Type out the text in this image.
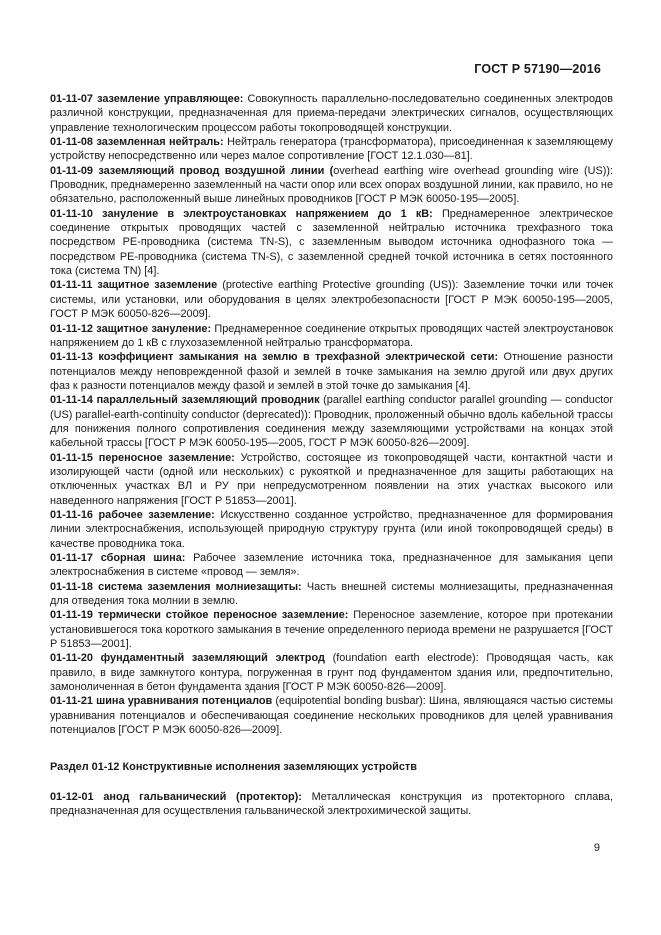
ГОСТ Р 57190—2016

01-11-07 заземление управляющее: Совокупность параллельно-последовательно соединенных электродов различной конструкции, предназначенная для приема-передачи электрических сигналов, осуществляющих управление технологическим процессом работы токопроводящей конструкции.

01-11-08 заземленная нейтраль: Нейтраль генератора (трансформатора), присоединенная к заземляющему устройству непосредственно или через малое сопротивление [ГОСТ 12.1.030—81].

01-11-09 заземляющий провод воздушной линии (overhead earthing wire overhead grounding wire (US)): Проводник, преднамеренно заземленный на части опор или всех опорах воздушной линии, как правило, но не обязательно, расположенный выше линейных проводников [ГОСТ Р МЭК 60050-195—2005].

01-11-10 зануление в электроустановках напряжением до 1 кВ: Преднамеренное электрическое соединение открытых проводящих частей с заземленной нейтралью источника трехфазного тока посредством PE-проводника (система TN-S), с заземленным выводом источника однофазного тока — посредством PE-проводника (система TN-S), с заземленной средней точкой источника в сетях постоянного тока (система TN) [4].

01-11-11 защитное заземление (protective earthing Protective grounding (US)): Заземление точки или точек системы, или установки, или оборудования в целях электробезопасности [ГОСТ Р МЭК 60050-195—2005, ГОСТ Р МЭК 60050-826—2009].

01-11-12 защитное зануление: Преднамеренное соединение открытых проводящих частей электроустановок напряжением до 1 кВ с глухозаземленной нейтралью трансформатора.

01-11-13 коэффициент замыкания на землю в трехфазной электрической сети: Отношение разности потенциалов между неповрежденной фазой и землей в точке замыкания на землю другой или двух других фаз к разности потенциалов между фазой и землей в этой точке до замыкания [4].

01-11-14 параллельный заземляющий проводник (parallel earthing conductor parallel grounding — conductor (US) parallel-earth-continuity conductor (deprecated)): Проводник, проложенный обычно вдоль кабельной трассы для понижения полного сопротивления соединения между заземляющими устройствами на концах этой кабельной трассы [ГОСТ Р МЭК 60050-195—2005, ГОСТ Р МЭК 60050-826—2009].

01-11-15 переносное заземление: Устройство, состоящее из токопроводящей части, контактной части и изолирующей части (одной или нескольких) с рукояткой и предназначенное для защиты работающих на отключенных участках ВЛ и РУ при непредусмотренном появлении на этих участках высокого или наведенного напряжения [ГОСТ Р 51853—2001].

01-11-16 рабочее заземление: Искусственно созданное устройство, предназначенное для формирования линии электроснабжения, использующей природную структуру грунта (или иной токопроводящей среды) в качестве проводника тока.

01-11-17 сборная шина: Рабочее заземление источника тока, предназначенное для замыкания цепи электроснабжения в системе «провод — земля».

01-11-18 система заземления молниезащиты: Часть внешней системы молниезащиты, предназначенная для отведения тока молнии в землю.

01-11-19 термически стойкое переносное заземление: Переносное заземление, которое при протекании установившегося тока короткого замыкания в течение определенного периода времени не разрушается [ГОСТ Р 51853—2001].

01-11-20 фундаментный заземляющий электрод (foundation earth electrode): Проводящая часть, как правило, в виде замкнутого контура, погруженная в грунт под фундаментом здания или, предпочтительно, замоноличенная в бетон фундамента здания [ГОСТ Р МЭК 60050-826—2009].

01-11-21 шина уравнивания потенциалов (equipotential bonding busbar): Шина, являющаяся частью системы уравнивания потенциалов и обеспечивающая соединение нескольких проводников для целей уравнивания потенциалов [ГОСТ Р МЭК 60050-826—2009].

Раздел 01-12 Конструктивные исполнения заземляющих устройств

01-12-01 анод гальванический (протектор): Металлическая конструкция из протекторного сплава, предназначенная для осуществления гальванической электрохимической защиты.

9
